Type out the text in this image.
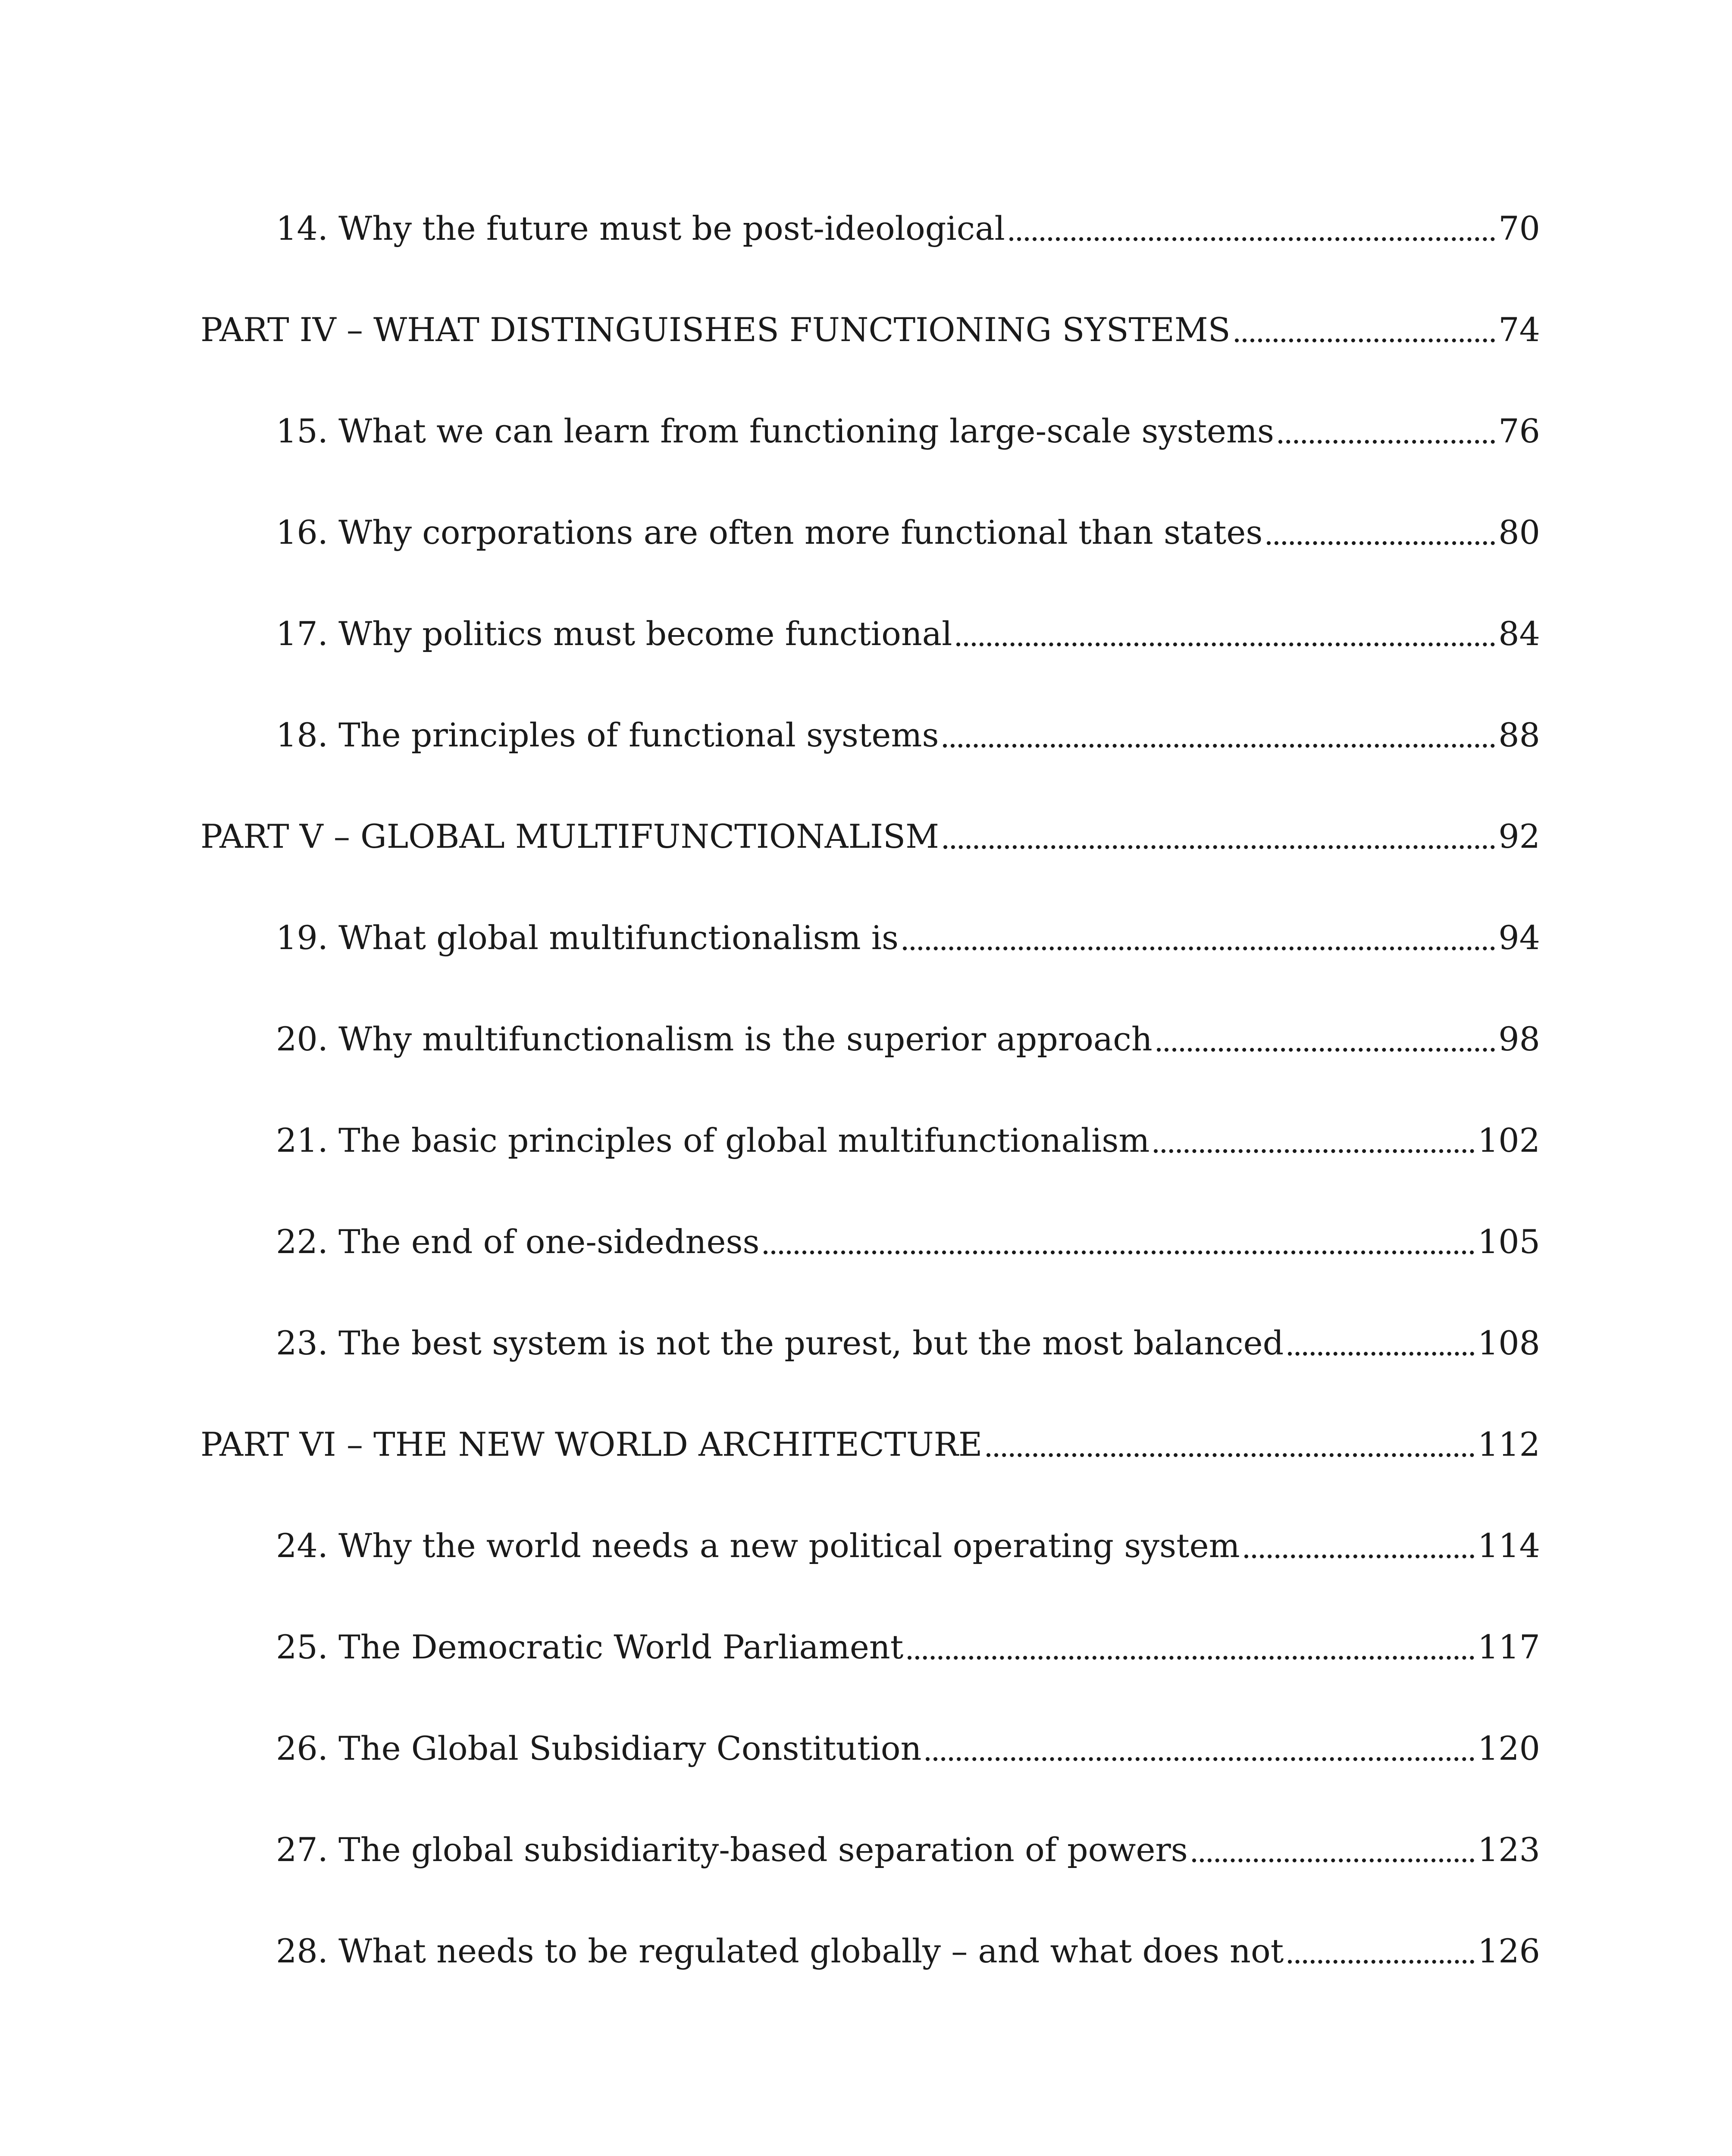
14. Why the future must be post-ideological	70
PART IV – WHAT DISTINGUISHES FUNCTIONING SYSTEMS	74
15. What we can learn from functioning large-scale systems	76
16. Why corporations are often more functional than states	80
17. Why politics must become functional	84
18. The principles of functional systems	88
PART V – GLOBAL MULTIFUNCTIONALISM	92
19. What global multifunctionalism is	94
20. Why multifunctionalism is the superior approach	98
21. The basic principles of global multifunctionalism	102
22. The end of one-sidedness	105
23. The best system is not the purest, but the most balanced	108
PART VI – THE NEW WORLD ARCHITECTURE	112
24. Why the world needs a new political operating system	114
25. The Democratic World Parliament	117
26. The Global Subsidiary Constitution	120
27. The global subsidiarity-based separation of powers	123
28. What needs to be regulated globally – and what does not	126
